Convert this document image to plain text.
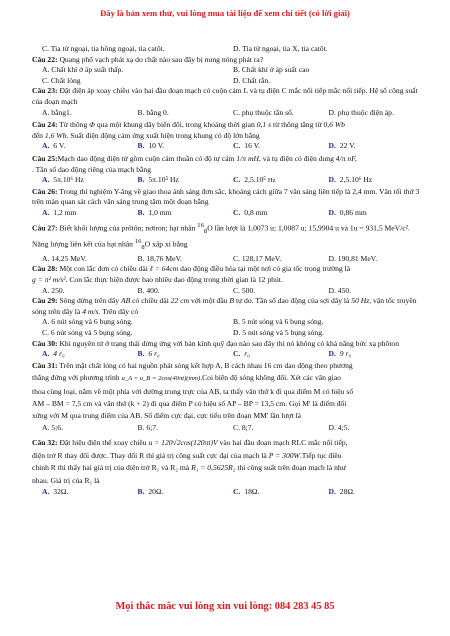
Đây là bản xem thử, vui lòng mua tài liệu để xem chi tiết (có lời giải)
C. Tia tử ngoại, tia hồng ngoại, tia catôt.	D. Tia tử ngoại, tia X, tia catôt.

Câu 22: Quang phổ vạch phát xạ do chất nào sau đây bị nung nóng phát ra?

A. Chất khí ở áp suất thấp.	B. Chất khí ở áp suất cao
C. Chất lỏng	D. Chất rắn.

Câu 23: Đặt điện áp xoay chiều vào hai đầu đoạn mạch có cuộn cảm L và tụ điện C mắc nối tiếp mắc nối tiếp. Hệ số công suất của đoạn mạch

A. bằng1.	B. bằng 0.	C. phụ thuộc tần số.	D. phụ thuộc điện áp.

Câu 24: Từ thông Φ qua một khung dây biến đổi, trong khoảng thời gian 0,1 s từ thông tăng từ 0,6 Wb
đến 1,6 Wb. Suất điện động cảm ứng xuất hiện trong khung có độ lớn bằng

A. 6 V.	B. 10 V.	C. 16 V.	D. 22 V.

Câu 25:Mạch dao động điện từ gồm cuộn cảm thuần có độ tự cảm 1/π mH, và tụ điện có điện dung 4/π nF,
. Tần số dao động riêng của mạch bằng

A. 5π.10⁶ Hz	B. 5π.10⁵ Hz	C. 2,5.10⁵ Hz	D. 2,5.10⁶ Hz

Câu 26: Trong thí nghiệm Y-âng về giao thoa ánh sáng đơn sắc, khoảng cách giữa 7 vân sáng liên tiếp là 2,4 mm. Vân tối thứ 3 trên màn quan sát cách vân sáng trung tâm một đoạn bằng

A. 1,2 mm	B. 1,0 mm	C. 0,8 mm	D. 0,86 mm

Câu 27: Biết khối lượng của prôtôn; nơtron; hạt nhân $^{16}_8$O lần lượt là 1,0073 u; 1,0087 u; 15,9904 u và 1u = 931,5 MeV/c². Năng lượng liên kết của hạt nhân $^{16}_8$O xấp xỉ bằng

A. 14,25 MeV.	B. 18,76 MeV.	C. 128,17 MeV.	D. 190,81 MeV.

Câu 28: Một con lắc đơn có chiều dài ℓ = 64cm dao động điều hòa tại một nơi có gia tốc trọng trường là
g = π² m/s². Con lắc thực hiện được bao nhiêu dao động trong thời gian là 12 phút.

A. 250.	B. 400.	C. 500.	D. 450.

Câu 29: Sóng dừng trên dây AB có chiều dài 22 cm với một đầu B tự do. Tần số dao động của sợi dây là 50 Hz, vận tốc truyền sóng trên dây là 4 m/s. Trên dây có

A. 6 nút sóng và 6 bụng sóng.	B. 5 nút sóng và 6 bụng sóng.
C. 6 nút sóng và 5 bụng sóng.	D. 5 nút sóng và 5 bụng sóng.

Câu 30: Khi nguyên tử ở trạng thái dừng ứng với bán kính quỹ đạo nào sau đây thì nó không có khả năng bức xạ phôton

A. 4 r₀	B. 6 r₀	C. r₀	D. 9 r₀

Câu 31: Trên mặt chất lỏng có hai nguồn phát sóng kết hợp A, B cách nhau 16 cm dao động theo phương
thẳng đứng với phương trình u_A = u_B = 2cos(40πt)(mm).Coi biên độ sóng không đổi. Xét các vân giao
thoa cùng loại, nằm về một phía với đường trung trực của AB, ta thấy vân thứ k đi qua điểm M có hiệu số
AM – BM = 7,5 cm và vân thứ (k + 2) đi qua điểm P có hiệu số AP – BP = 13,5 cm. Gọi M' là điểm đối
xứng với M qua trung điểm của AB. Số điểm cực đại, cực tiểu trên đoạn MM' lần lượt là

A. 5;6.	B. 6;7.	C. 8;7.	D. 4;5.

Câu 32: Đặt hiệu điện thế xoay chiều u = 120√2cos(120πt)V vào hai đầu đoạn mạch RLC mắc nối tiếp,
điện trở R thay đổi được. Thay đổi R thì giá trị công suất cực đại của mạch là P = 300W.Tiếp tục điều
chỉnh R thì thấy hai giá trị của điện trở R₁ và R₂ mà R₁ = 0,5625R₂ thì công suất trên đoạn mạch là như
nhau. Giá trị của R₁ là

A. 32Ω.	B. 20Ω.	C. 18Ω.	D. 28Ω.
Mọi thắc mắc vui lòng xin vui lòng: 084 283 45 85
